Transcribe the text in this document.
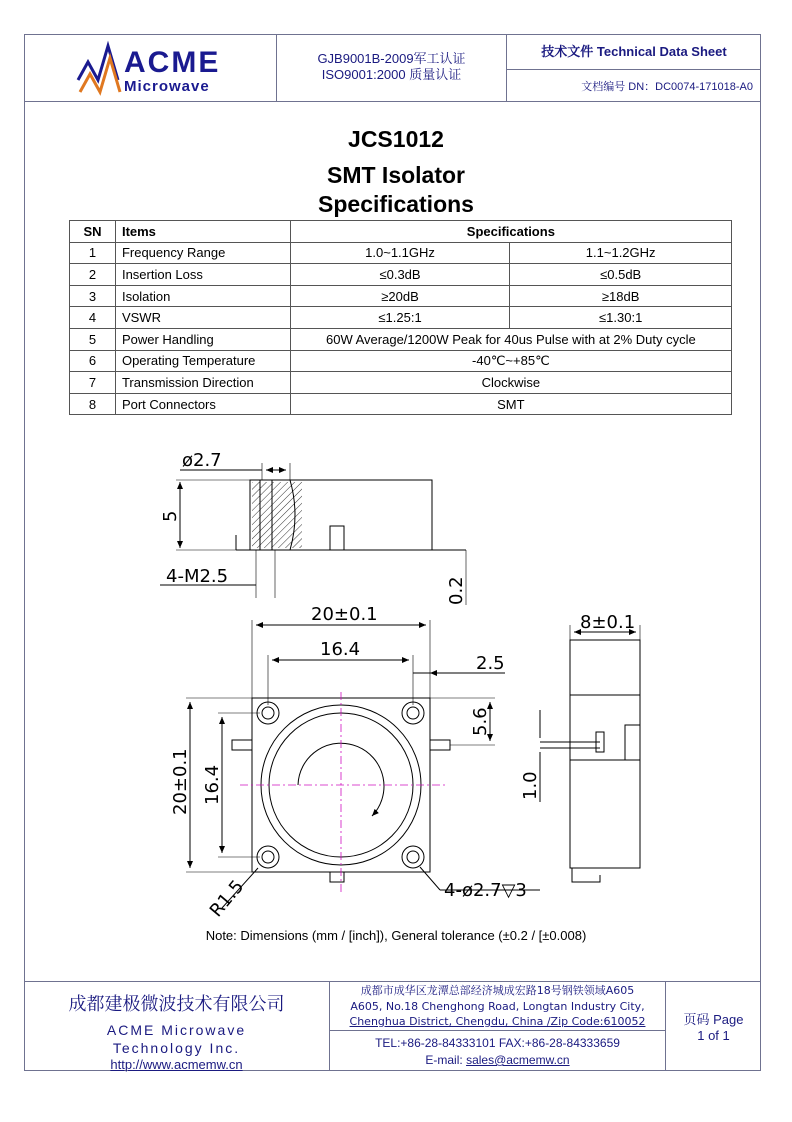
ACME
Microwave
GJB9001B-2009军工认证
ISO9001:2000 质量认证
技术文件 Technical Data Sheet
文档编号 DN：DC0074-171018-A0
JCS1012
SMT Isolator
Specifications
SN	Items	Specifications	
1	Frequency Range	1.0~1.1GHz	1.1~1.2GHz
2	Insertion Loss	≤0.3dB	≤0.5dB
3	Isolation	≥20dB	≥18dB
4	VSWR	≤1.25:1	≤1.30:1
5	Power Handling	60W Average/1200W Peak for 40us Pulse with at 2% Duty cycle	
6	Operating Temperature	-40℃~+85℃	
7	Transmission Direction	Clockwise	
8	Port Connectors	SMT	
ø2.7
5
4-M2.5	0.2
20±0.1
16.4
2.5
5.6
20±0.1 16.4
R1.5	4-ø2.7▽3
8±0.1
1.0
Note: Dimensions (mm / [inch]), General tolerance (±0.2 / [±0.008)
成都建极微波技术有限公司
ACME Microwave
Technology Inc.
http://www.acmemw.cn
成都市成华区龙潭总部经济城成宏路18号钢铁领域A605
A605, No.18 Chenghong Road, Longtan Industry City,
Chenghua District, Chengdu, China /Zip Code:610052
TEL:+86-28-84333101 FAX:+86-28-84333659
E-mail: sales@acmemw.cn
页码 Page
1 of 1
